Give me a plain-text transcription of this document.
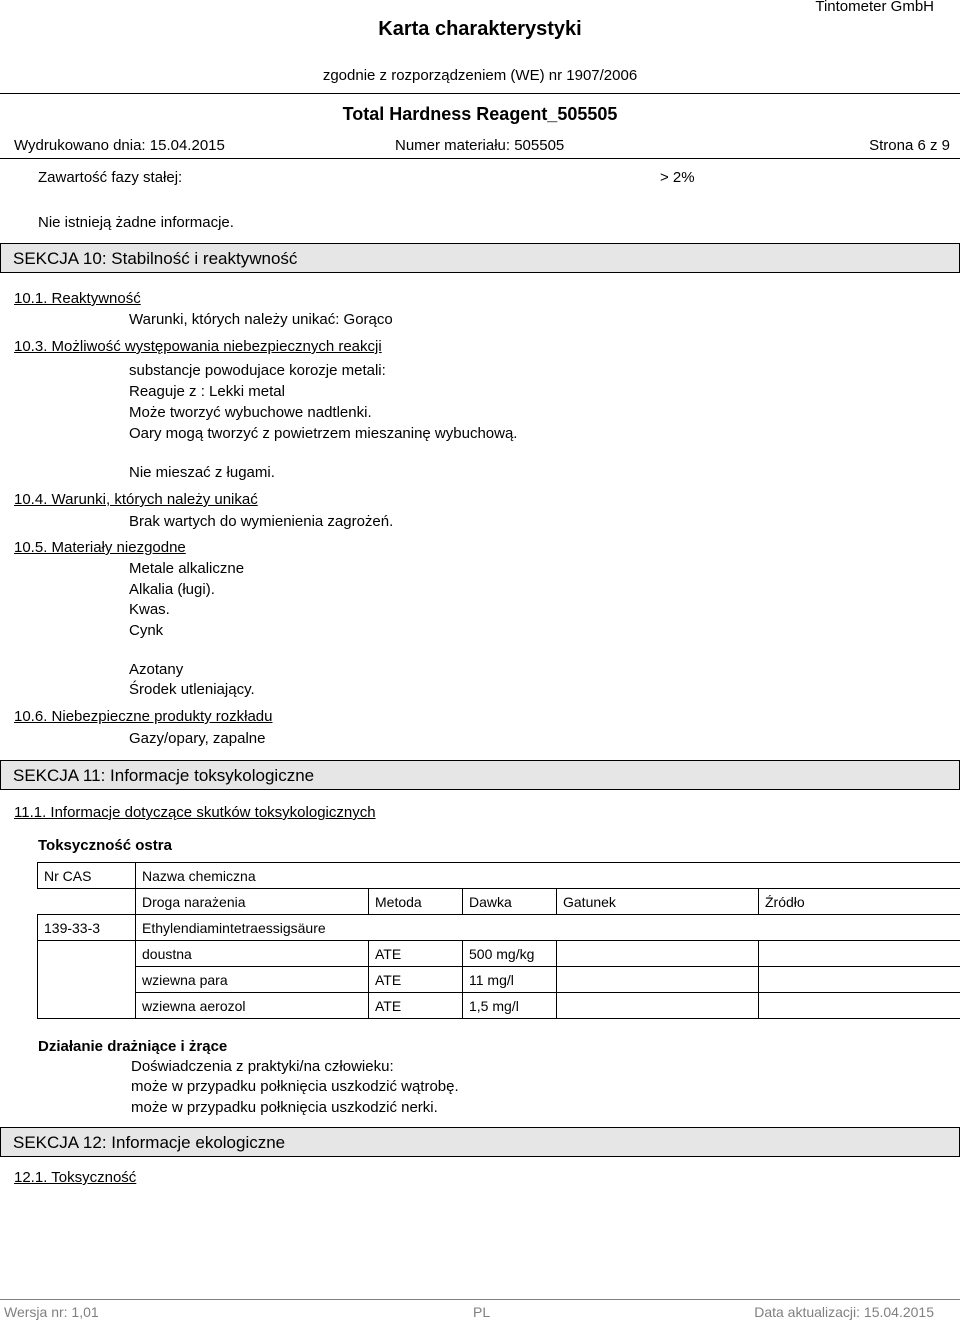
Karta charakterystyki
Tintometer GmbH
zgodnie z rozporządzeniem (WE) nr 1907/2006
Total Hardness Reagent_505505
Wydrukowano dnia: 15.04.2015	Numer materiału: 505505	Strona 6 z 9
Zawartość fazy stałej:	> 2%
Nie istnieją żadne informacje.
SEKCJA 10: Stabilność i reaktywność
10.1. Reaktywność
Warunki, których należy unikać: Gorąco
10.3. Możliwość występowania niebezpiecznych reakcji
substancje powodujace korozje metali:
Reaguje z : Lekki metal
Może tworzyć wybuchowe nadtlenki.
Oary mogą tworzyć z powietrzem mieszaninę wybuchową.
Nie mieszać z ługami.
10.4. Warunki, których należy unikać
Brak wartych do wymienienia zagrożeń.
10.5. Materiały niezgodne
Metale alkaliczne
Alkalia (ługi).
Kwas.
Cynk
Azotany
Środek utleniający.
10.6. Niebezpieczne produkty rozkładu
Gazy/opary, zapalne
SEKCJA 11: Informacje toksykologiczne
11.1. Informacje dotyczące skutków toksykologicznych
Toksyczność ostra
Nr CAS	Nazwa chemiczna				
	Droga narażenia	Metoda	Dawka	Gatunek	Źródło
139-33-3	Ethylendiamintetraessigsäure				
	doustna	ATE	500 mg/kg		
	wziewna para	ATE	11 mg/l		
	wziewna aerozol	ATE	1,5 mg/l		
Działanie drażniące i żrące
Doświadczenia z praktyki/na człowieku:
może w przypadku połknięcia uszkodzić wątrobę.
może w przypadku połknięcia uszkodzić nerki.
SEKCJA 12: Informacje ekologiczne
12.1. Toksyczność
Wersja nr: 1,01	PL	Data aktualizacji: 15.04.2015
